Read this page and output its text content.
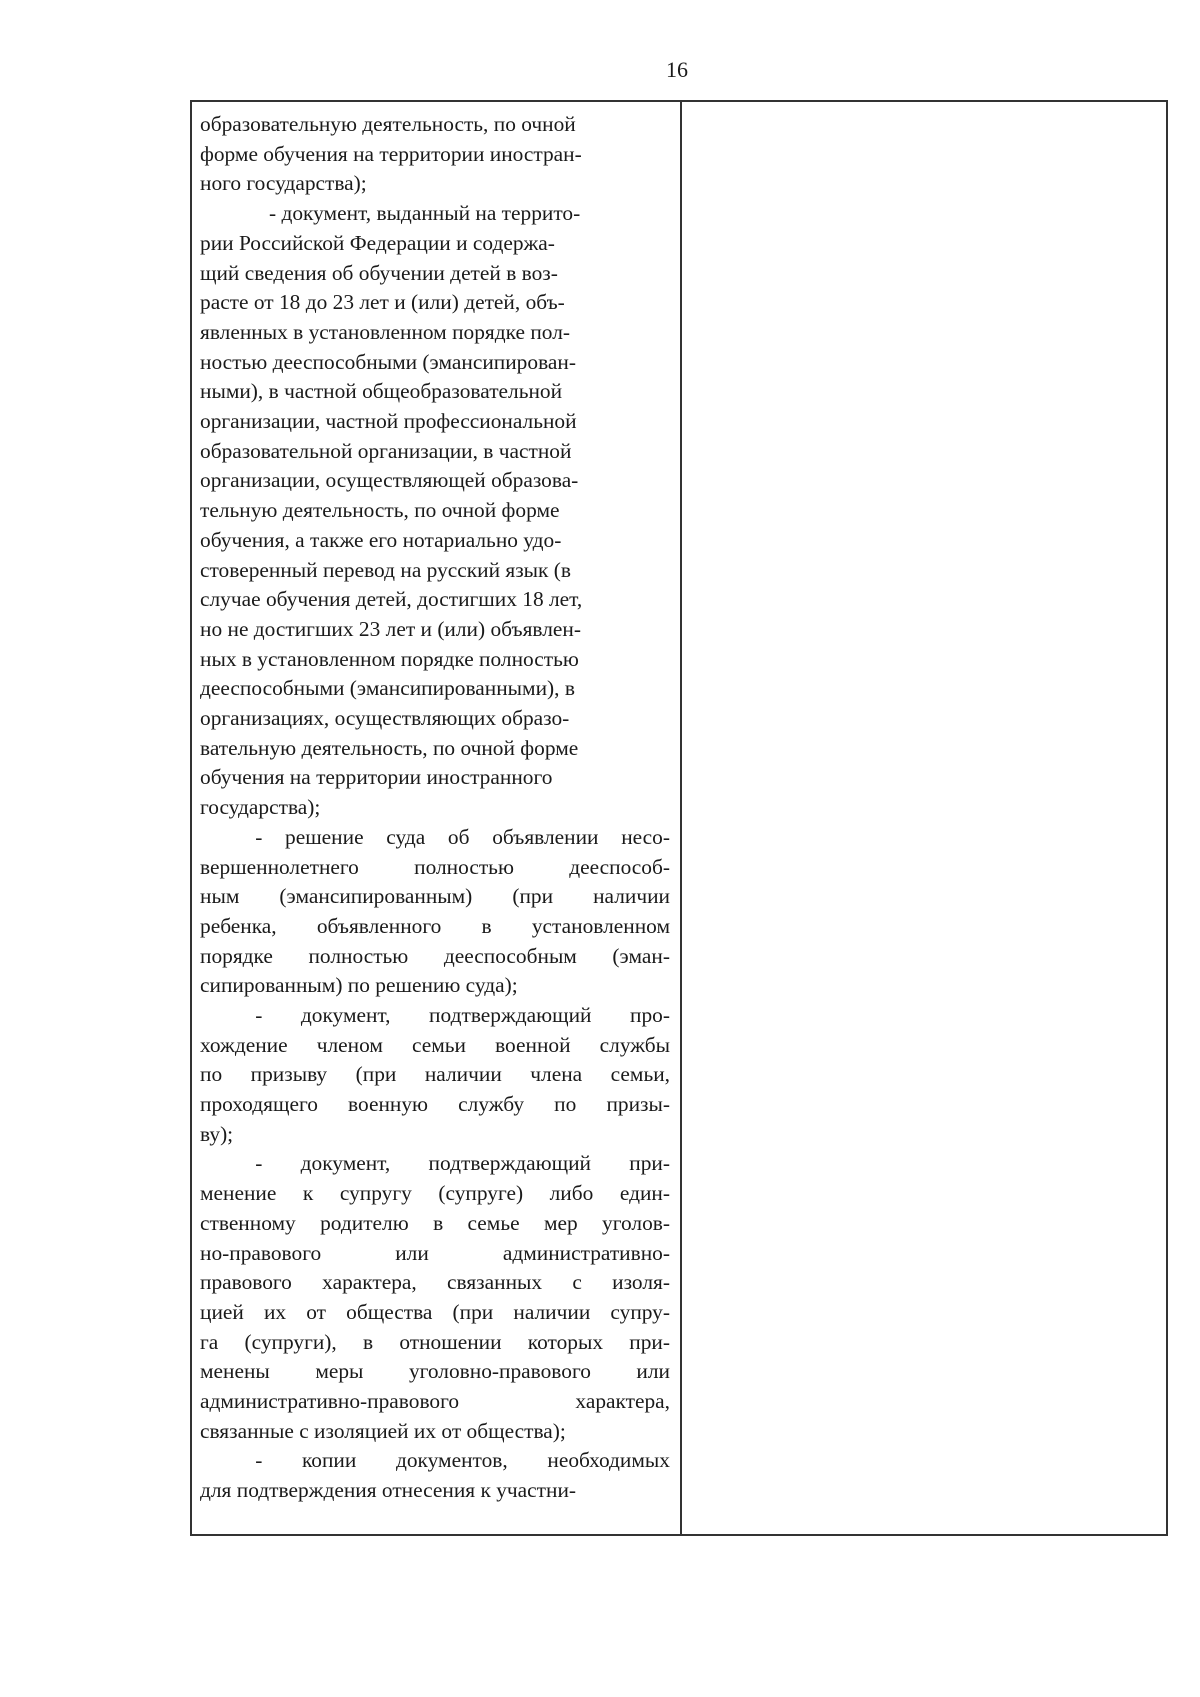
16
образовательную деятельность, по очной
форме обучения на территории иностран-
ного государства);
- документ, выданный на террито-
рии Российской Федерации и содержа-
щий сведения об обучении детей в воз-
расте от 18 до 23 лет и (или) детей, объ-
явленных в установленном порядке пол-
ностью дееспособными (эмансипирован-
ными), в частной общеобразовательной
организации, частной профессиональной
образовательной организации, в частной
организации, осуществляющей образова-
тельную деятельность, по очной форме
обучения, а также его нотариально удо-
стоверенный перевод на русский язык (в
случае обучения детей, достигших 18 лет,
но не достигших 23 лет и (или) объявлен-
ных в установленном порядке полностью
дееспособными (эмансипированными), в
организациях, осуществляющих образо-
вательную деятельность, по очной форме
обучения на территории иностранного
государства);
- решение суда об объявлении несо-
вершеннолетнего полностью дееспособ-
ным (эмансипированным) (при наличии
ребенка, объявленного в установленном
порядке полностью дееспособным (эман-
сипированным) по решению суда);
- документ, подтверждающий про-
хождение членом семьи военной службы
по призыву (при наличии члена семьи,
проходящего военную службу по призы-
ву);
- документ, подтверждающий при-
менение к супругу (супруге) либо един-
ственному родителю в семье мер уголов-
но-правового или административно-
правового характера, связанных с изоля-
цией их от общества (при наличии супру-
га (супруги), в отношении которых при-
менены меры уголовно-правового или
административно-правового характера,
связанные с изоляцией их от общества);
- копии документов, необходимых
для подтверждения отнесения к участни-
